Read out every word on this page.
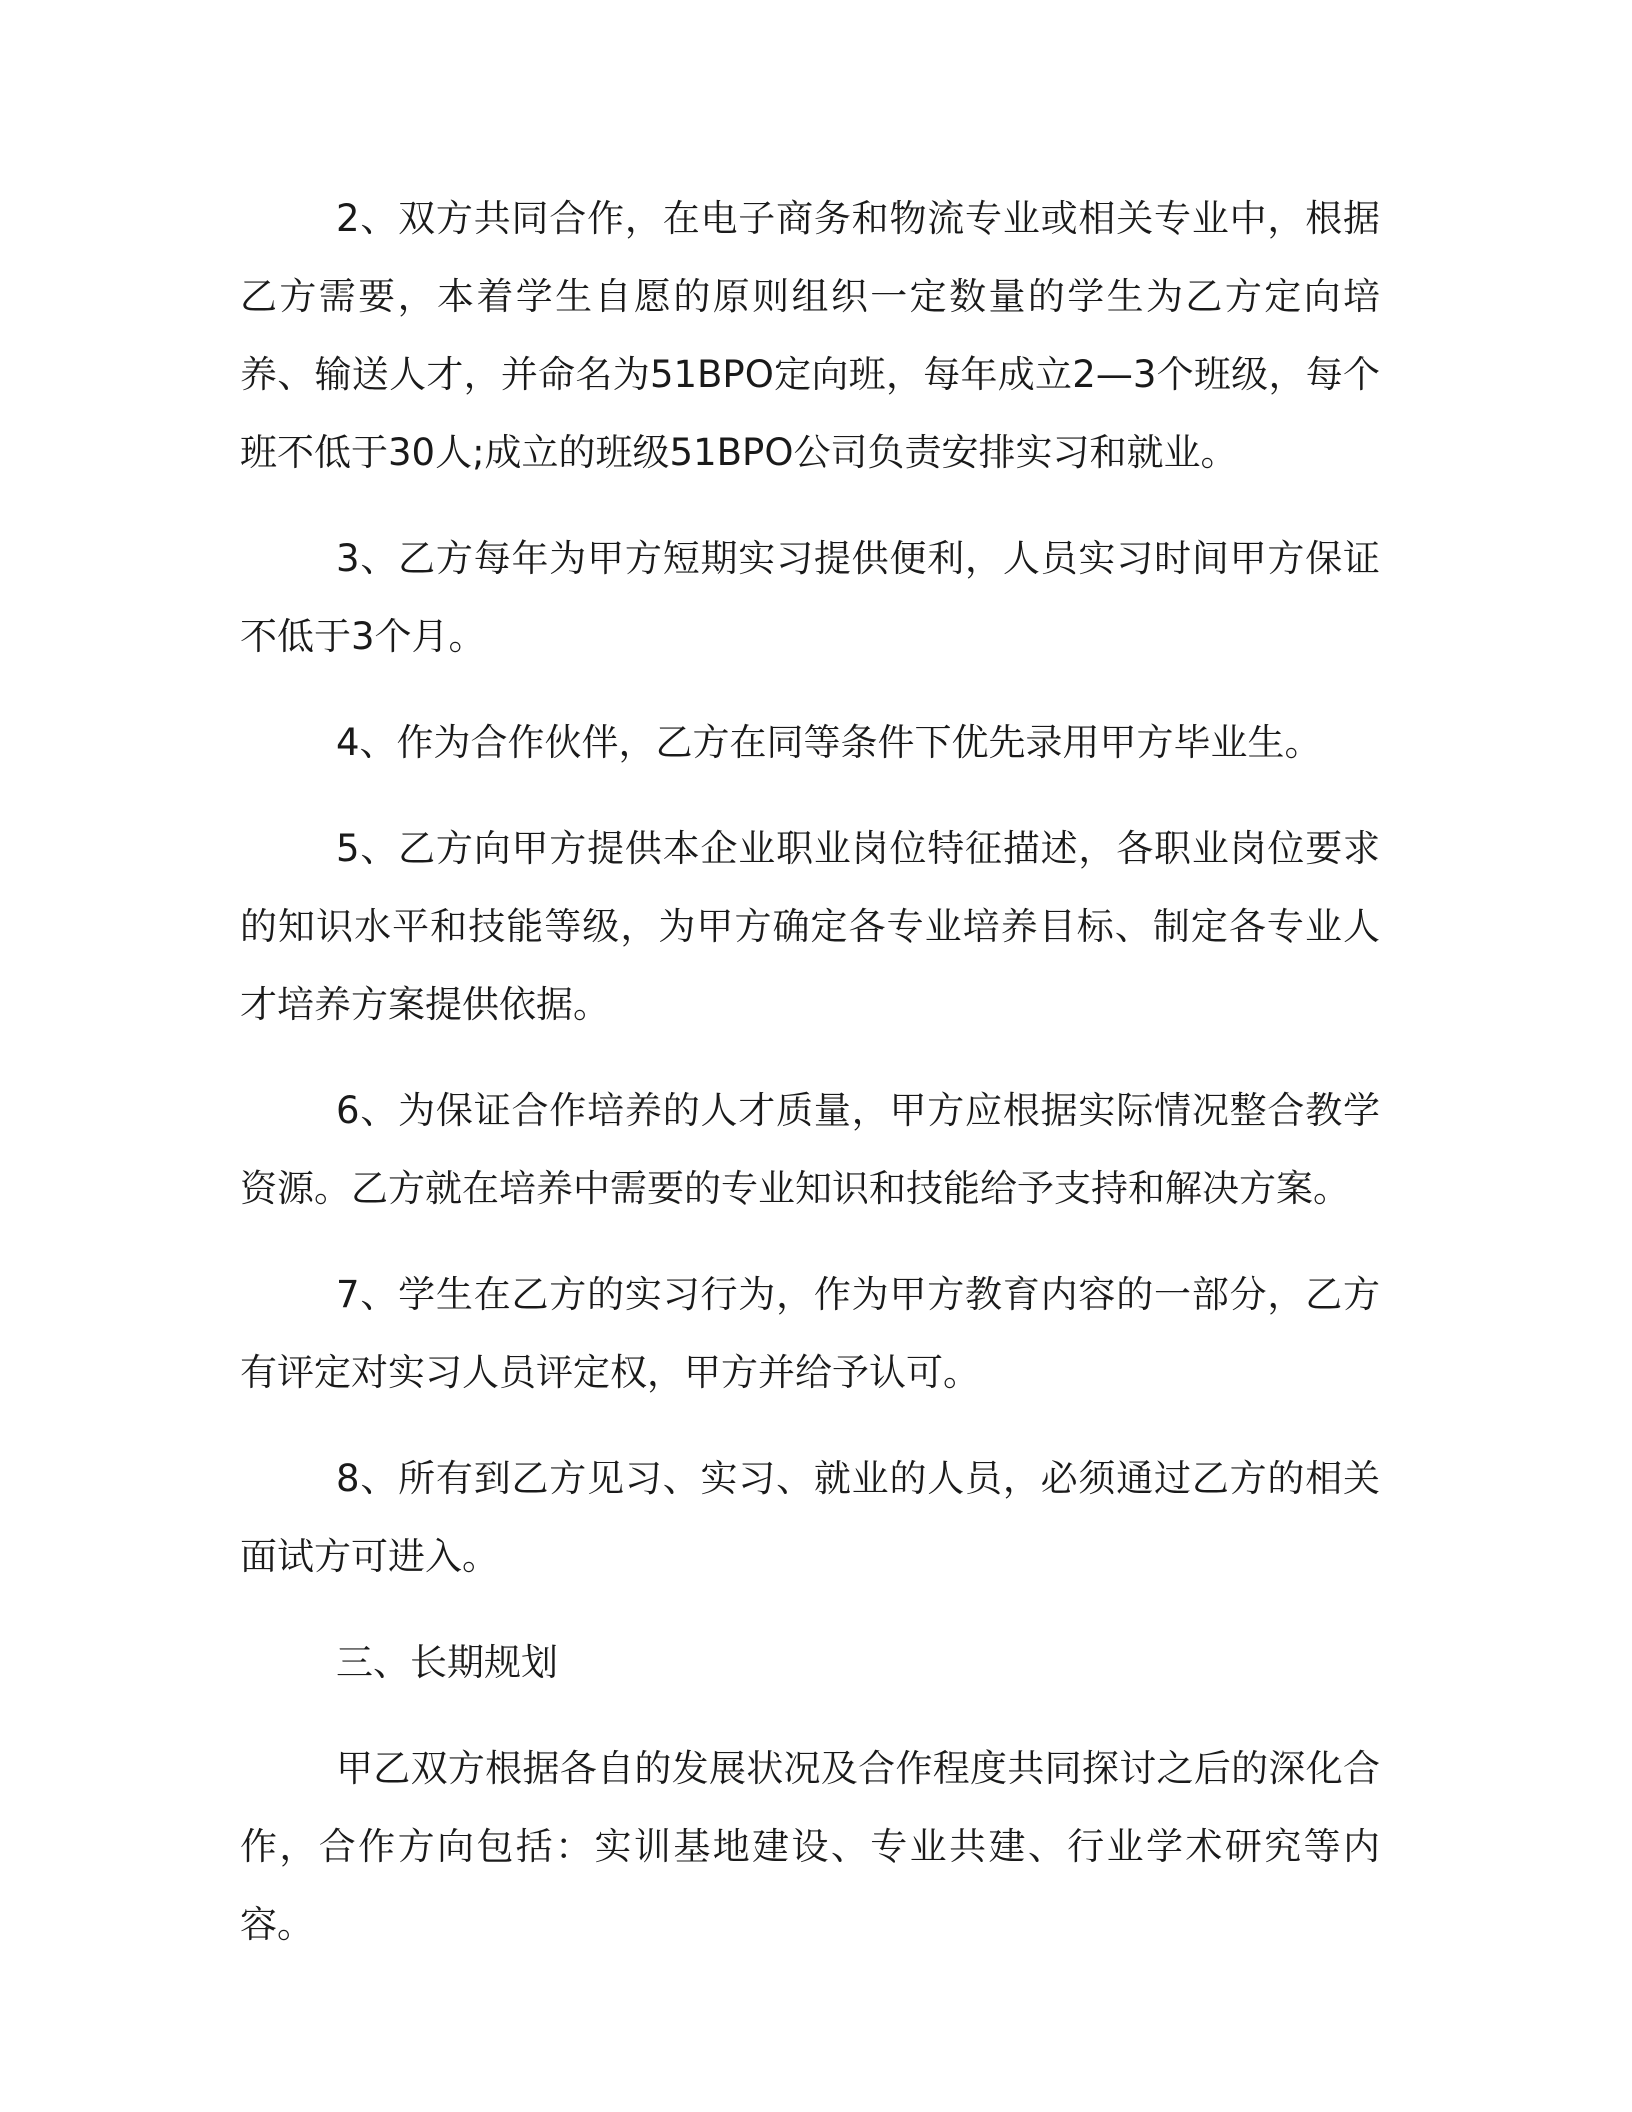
2、双方共同合作，在电子商务和物流专业或相关专业中，根据乙方需要，本着学生自愿的原则组织一定数量的学生为乙方定向培养、输送人才，并命名为51BPO定向班，每年成立2—3个班级，每个班不低于30人;成立的班级51BPO公司负责安排实习和就业。

3、乙方每年为甲方短期实习提供便利，人员实习时间甲方保证不低于3个月。

4、作为合作伙伴，乙方在同等条件下优先录用甲方毕业生。

5、乙方向甲方提供本企业职业岗位特征描述，各职业岗位要求的知识水平和技能等级，为甲方确定各专业培养目标、制定各专业人才培养方案提供依据。

6、为保证合作培养的人才质量，甲方应根据实际情况整合教学资源。乙方就在培养中需要的专业知识和技能给予支持和解决方案。

7、学生在乙方的实习行为，作为甲方教育内容的一部分，乙方有评定对实习人员评定权，甲方并给予认可。

8、所有到乙方见习、实习、就业的人员，必须通过乙方的相关面试方可进入。

三、长期规划

甲乙双方根据各自的发展状况及合作程度共同探讨之后的深化合作，合作方向包括：实训基地建设、专业共建、行业学术研究等内容。
